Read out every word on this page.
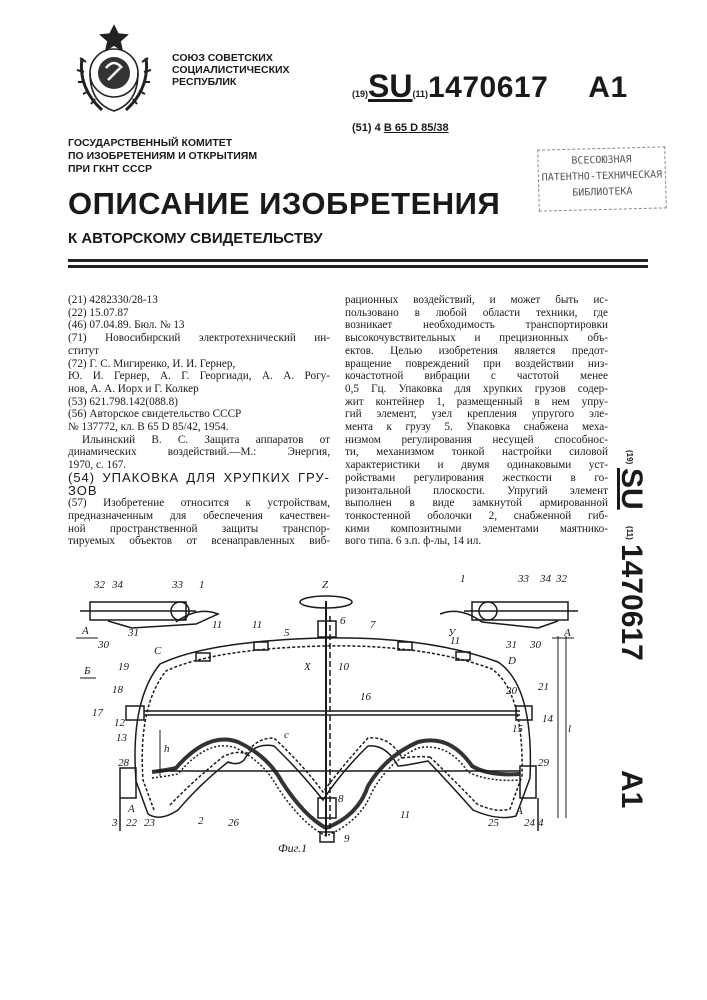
СОЮЗ СОВЕТСКИХ
СОЦИАЛИСТИЧЕСКИХ
РЕСПУБЛИК
(19)SU(11)1470617 A1
(51) 4 B 65 D 85/38
ГОСУДАРСТВЕННЫЙ КОМИТЕТ
ПО ИЗОБРЕТЕНИЯМ И ОТКРЫТИЯМ
ПРИ ГКНТ СССР
ВСЕСОЮЗНАЯ
ПАТЕНТНО-ТЕХНИЧЕСКАЯ
БИБЛИОТЕКА
ОПИСАНИЕ ИЗОБРЕТЕНИЯ
К АВТОРСКОМУ СВИДЕТЕЛЬСТВУ
(21) 4282330/28-13
(22) 15.07.87
(46) 07.04.89. Бюл. № 13
(71) Новосибирский электротехнический ин-
ститут
(72) Г. С. Мигиренко, И. И. Гернер,
Ю. И. Гернер, А. Г. Георгиади, А. А. Рогу-
нов, А. А. Иорх и Г. Колкер
(53) 621.798.142(088.8)
(56) Авторское свидетельство СССР
№ 137772, кл. В 65 D 85/42, 1954.
Ильинский В. С. Защита аппаратов от
динамических воздействий.—М.: Энергия,
1970, с. 167.
(54) УПАКОВКА ДЛЯ ХРУПКИХ ГРУ-
ЗОВ
(57) Изобретение относится к устройствам,
предназначенным для обеспечения качествен-
ной пространственной защиты транспор-
тируемых объектов от всенаправленных виб-
рационных воздействий, и может быть ис-
пользовано в любой области техники, где
возникает необходимость транспортировки
высокочувствительных и прецизионных объ-
ектов. Целью изобретения является предот-
вращение повреждений при воздействии низ-
кочастотной вибрации с частотой менее
0,5 Гц. Упаковка для хрупких грузов содер-
жит контейнер 1, размещенный в нем упру-
гий элемент, узел крепления упругого эле-
мента к грузу 5. Упаковка снабжена меха-
низмом регулирования несущей способнос-
ти, механизмом тонкой настройки силовой
характеристики и двумя одинаковыми уст-
ройствами регулирования жесткости в го-
ризонтальной плоскости. Упругий элемент
выполнен в виде замкнутой армированной
тонкостенной оболочки 2, снабженной гиб-
кими композитными элементами маятнико-
вого типа. 6 з.п. ф-лы, 14 ил.
(19)
SU
(11)
1470617
A1
1	1
2
3	4
5
6 7
8
9
10
11	11
11
11
12
13
14
15
16
17
18
19
20 21
22 23	24
25
26
28	29
30	30
31
31
32	32
33	33
34	34
А	А
А	А
Б
C
D
X
У
Z
h
с	l
Фиг.1
